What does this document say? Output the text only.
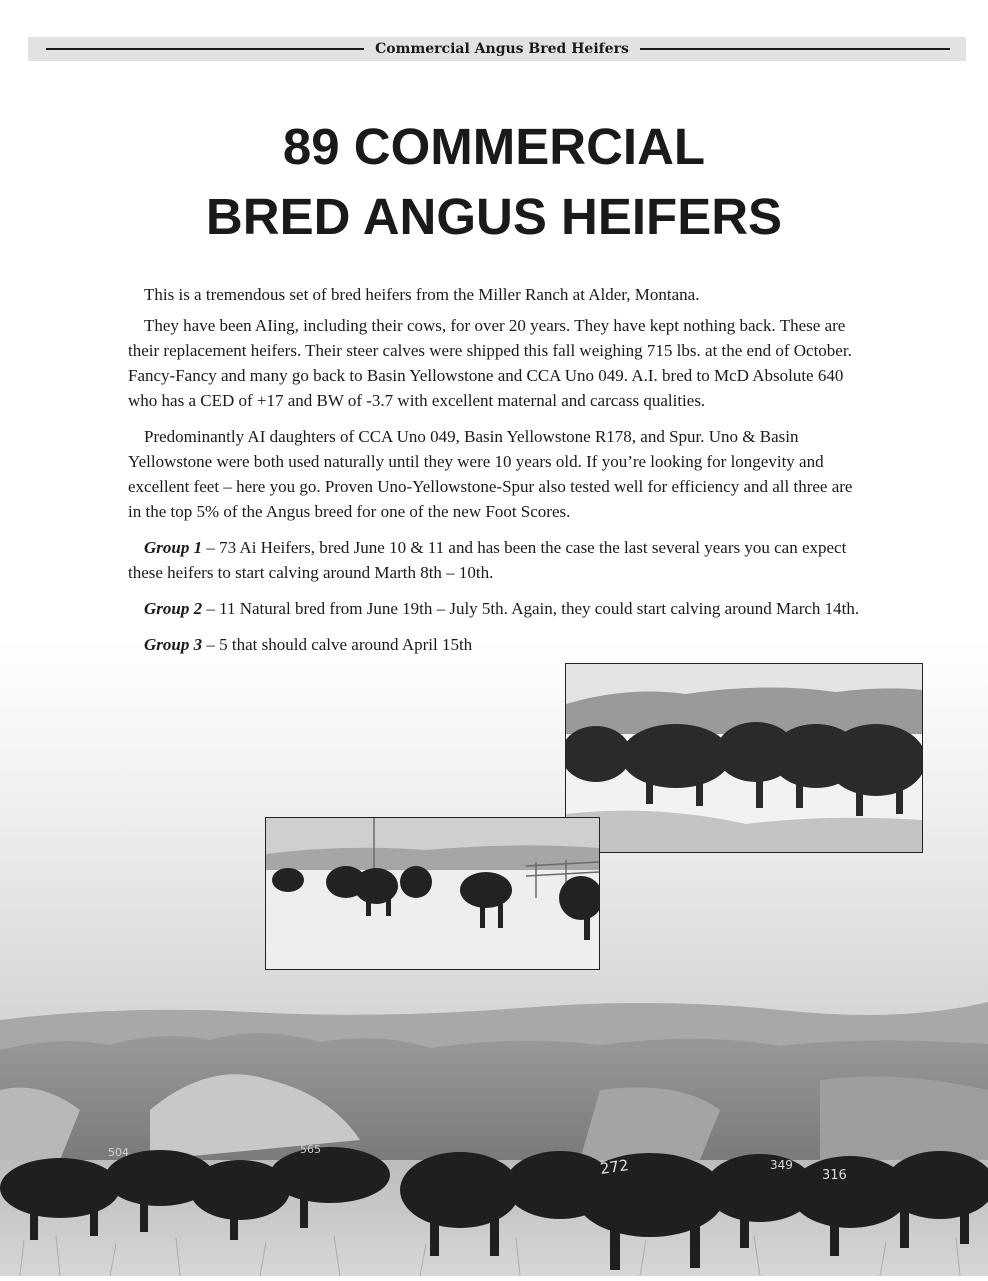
504	565
272	349
316
Commercial Angus Bred Heifers
89 COMMERCIAL
BRED ANGUS HEIFERS

This is a tremendous set of bred heifers from the Miller Ranch at Alder, Montana.

They have been AIing, including their cows, for over 20 years. They have kept nothing back. These are their replacement heifers. Their steer calves were shipped this fall weighing 715 lbs. at the end of October. Fancy-Fancy and many go back to Basin Yellowstone and CCA Uno 049. A.I. bred to McD Absolute 640 who has a CED of +17 and BW of -3.7 with excellent maternal and carcass qualities.

Predominantly AI daughters of CCA Uno 049, Basin Yellowstone R178, and Spur. Uno & Basin Yellowstone were both used naturally until they were 10 years old. If you’re looking for longevity and excellent feet – here you go. Proven Uno-Yellowstone-Spur also tested well for efficiency and all three are in the top 5% of the Angus breed for one of the new Foot Scores.

Group 1 – 73 Ai Heifers, bred June 10 & 11 and has been the case the last several years you can expect these heifers to start calving around Marth 8th – 10th.

Group 2 – 11 Natural bred from June 19th – July 5th. Again, they could start calving around March 14th.

Group 3 – 5 that should calve around April 15th
